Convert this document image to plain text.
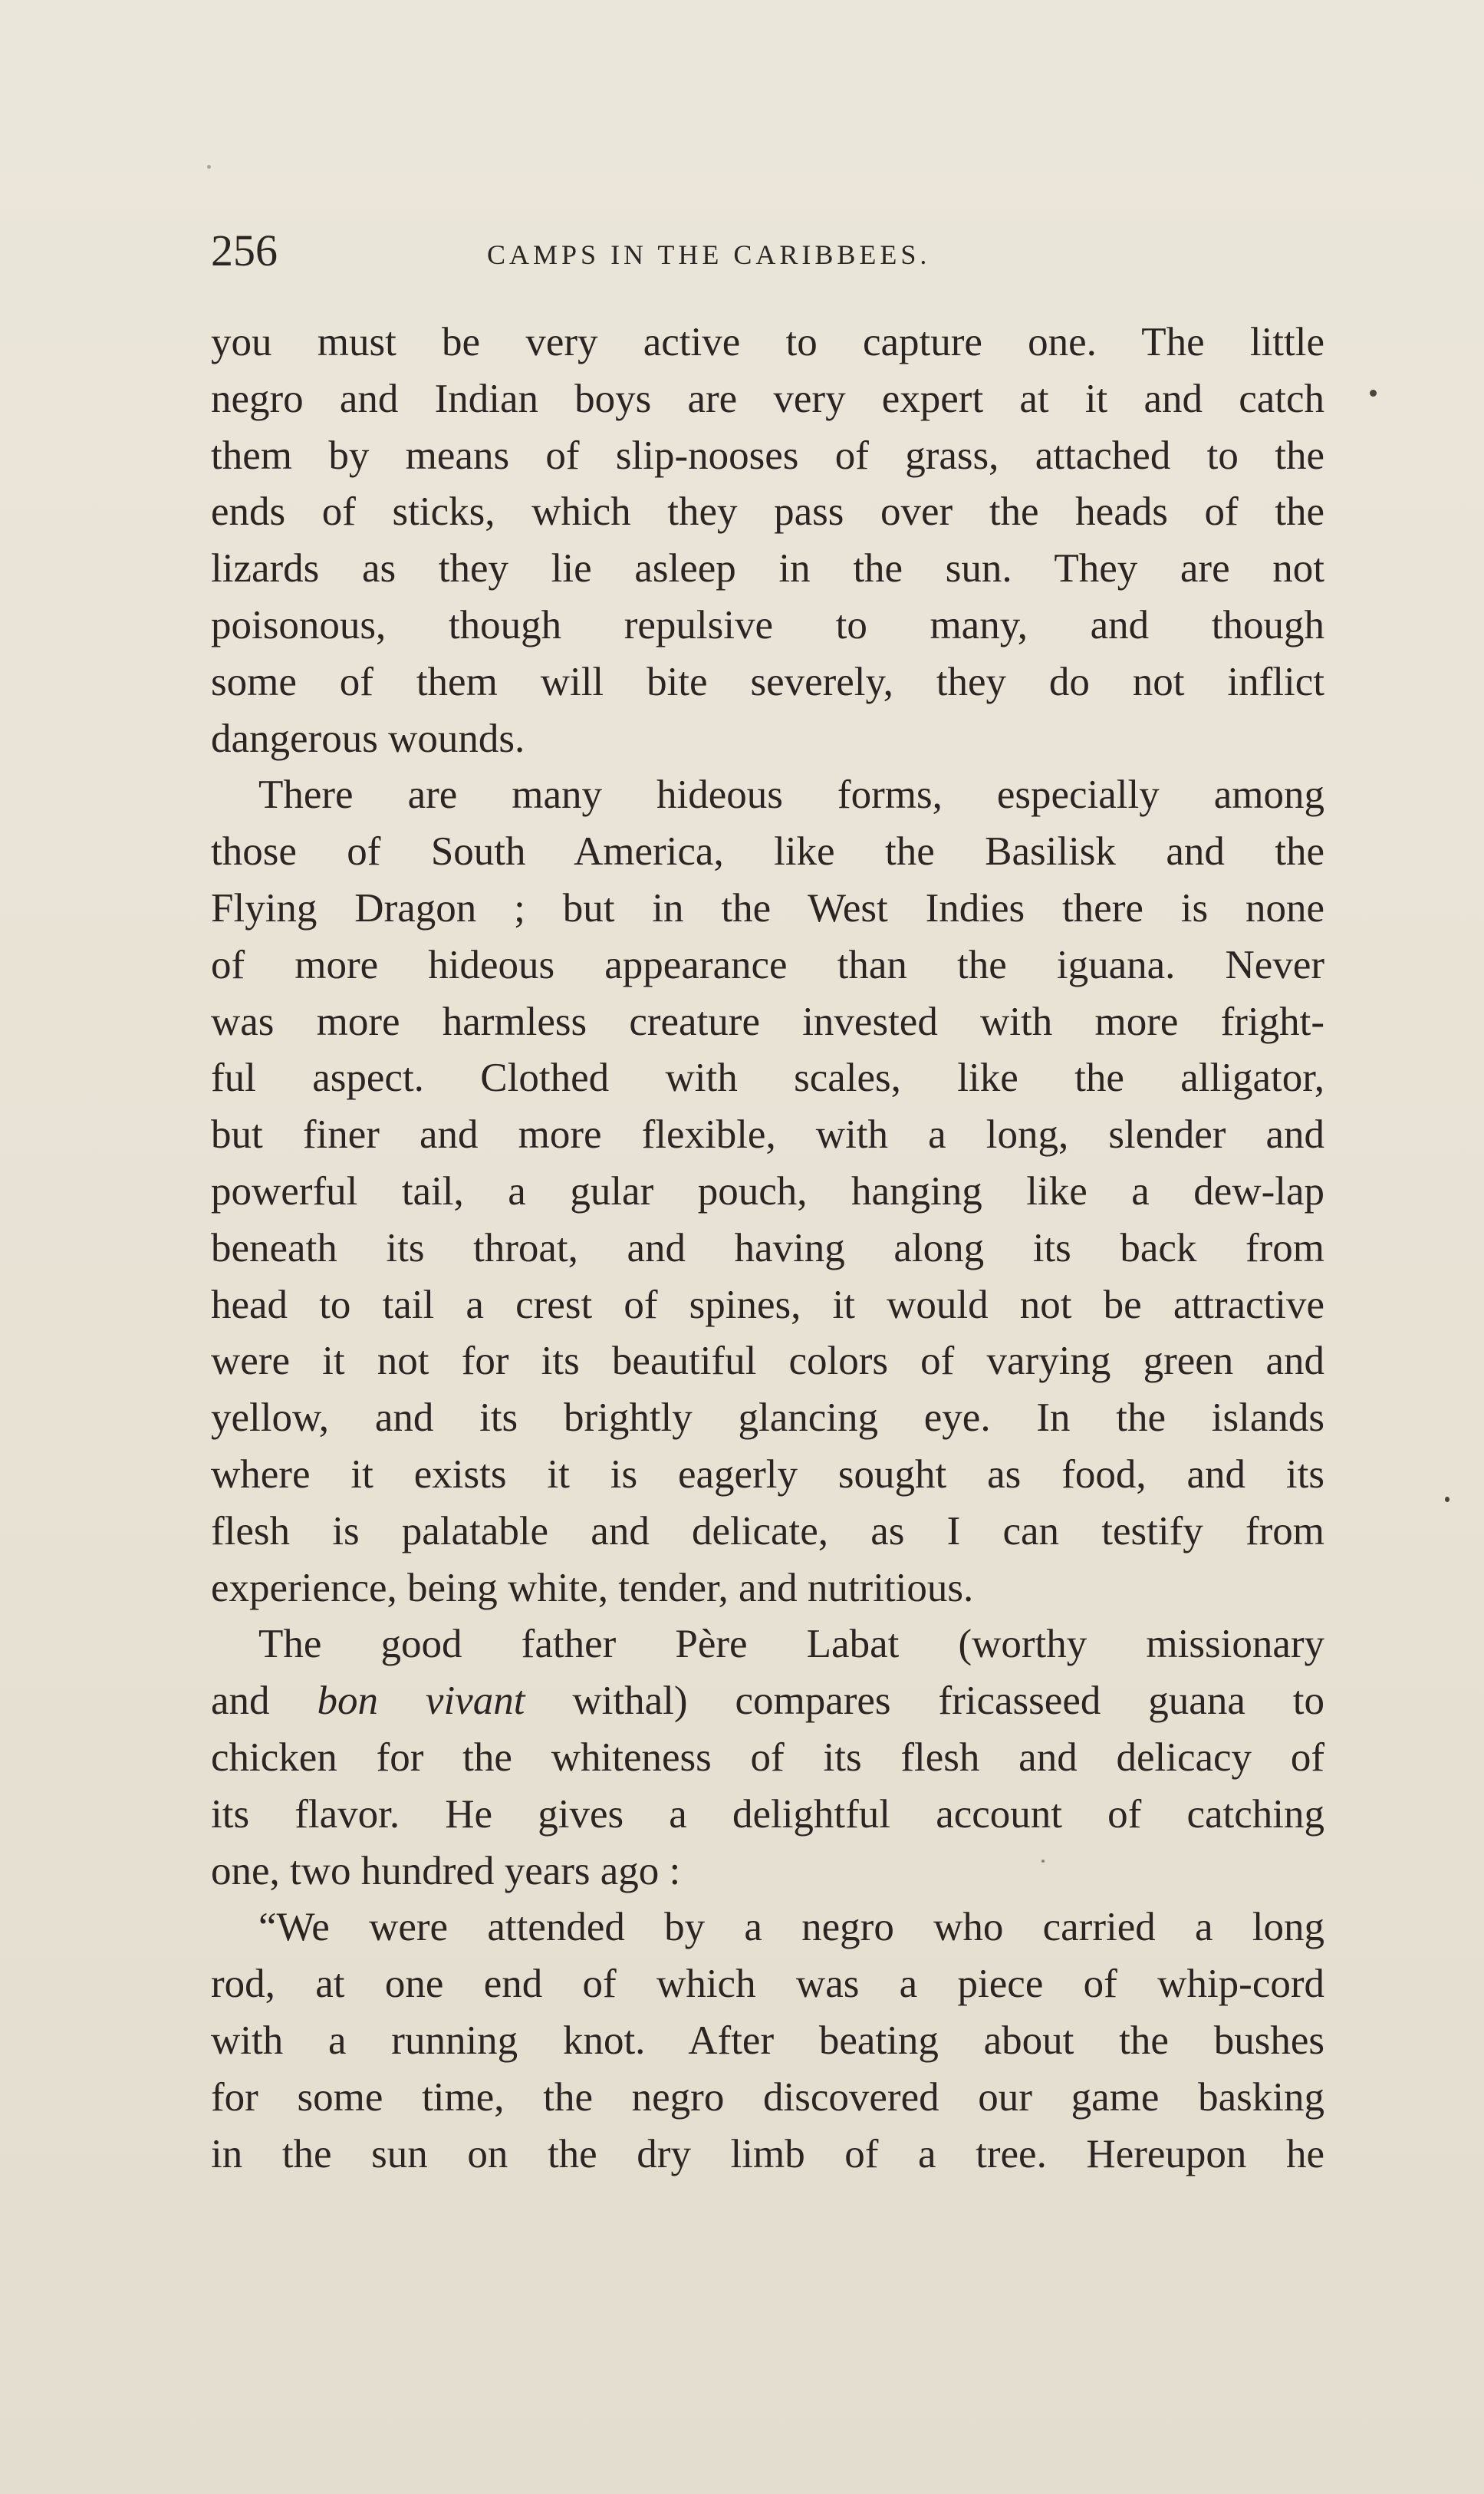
256	CAMPS IN THE CARIBBEES.
you must be very active to capture one. The little
negro and Indian boys are very expert at it and catch
them by means of slip-nooses of grass, attached to the
ends of sticks, which they pass over the heads of the
lizards as they lie asleep in the sun. They are not
poisonous, though repulsive to many, and though
some of them will bite severely, they do not inflict
dangerous wounds.
There are many hideous forms, especially among
those of South America, like the Basilisk and the
Flying Dragon ; but in the West Indies there is none
of more hideous appearance than the iguana. Never
was more harmless creature invested with more fright-
ful aspect. Clothed with scales, like the alligator,
but finer and more flexible, with a long, slender and
powerful tail, a gular pouch, hanging like a dew-lap
beneath its throat, and having along its back from
head to tail a crest of spines, it would not be attractive
were it not for its beautiful colors of varying green and
yellow, and its brightly glancing eye. In the islands
where it exists it is eagerly sought as food, and its
flesh is palatable and delicate, as I can testify from
experience, being white, tender, and nutritious.
The good father Père Labat (worthy missionary
and bon vivant withal) compares fricasseed guana to
chicken for the whiteness of its flesh and delicacy of
its flavor. He gives a delightful account of catching
one, two hundred years ago :
“We were attended by a negro who carried a long
rod, at one end of which was a piece of whip-cord
with a running knot. After beating about the bushes
for some time, the negro discovered our game basking
in the sun on the dry limb of a tree. Hereupon he
